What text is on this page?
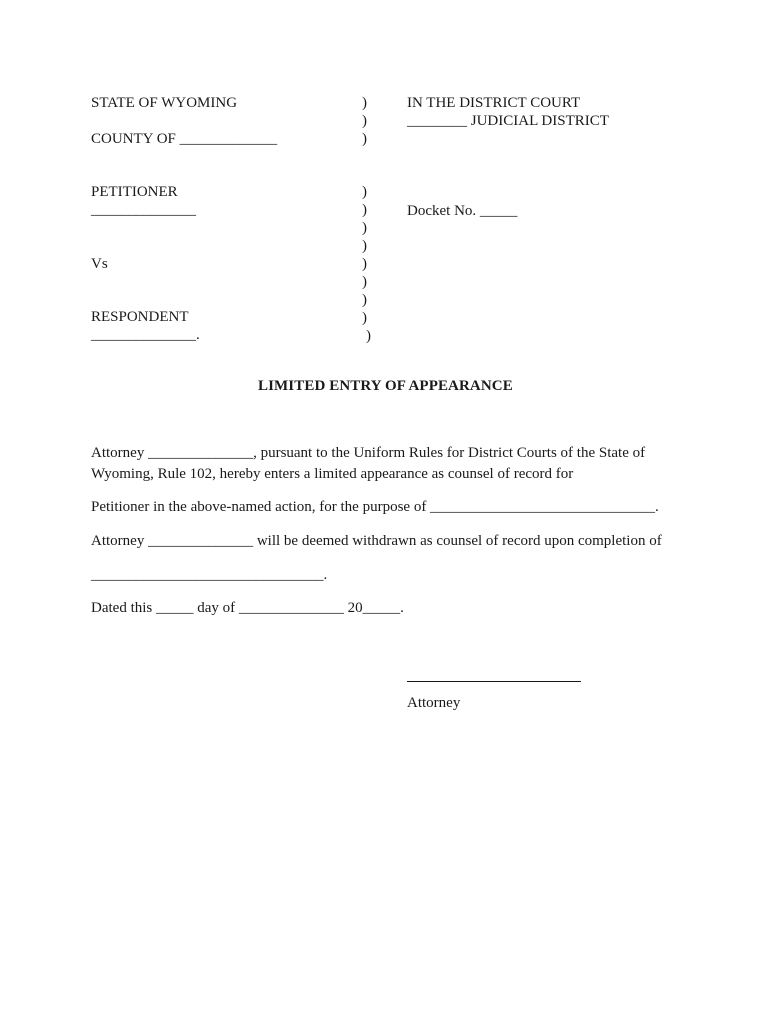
STATE OF WYOMING
COUNTY OF _____________
PETITIONER
______________
Vs
RESPONDENT
______________.
)
)
)
)
)
)
)
)
)
)
)
)
IN THE DISTRICT COURT
________ JUDICIAL DISTRICT
Docket No. _____
LIMITED ENTRY OF APPEARANCE
Attorney ______________, pursuant to the Uniform Rules for District Courts of the State of
Wyoming, Rule 102, hereby enters a limited appearance as counsel of record for
Petitioner in the above-named action, for the purpose of ______________________________.
Attorney ______________ will be deemed withdrawn as counsel of record upon completion of
_______________________________.
Dated this _____ day of ______________ 20_____.
Attorney
